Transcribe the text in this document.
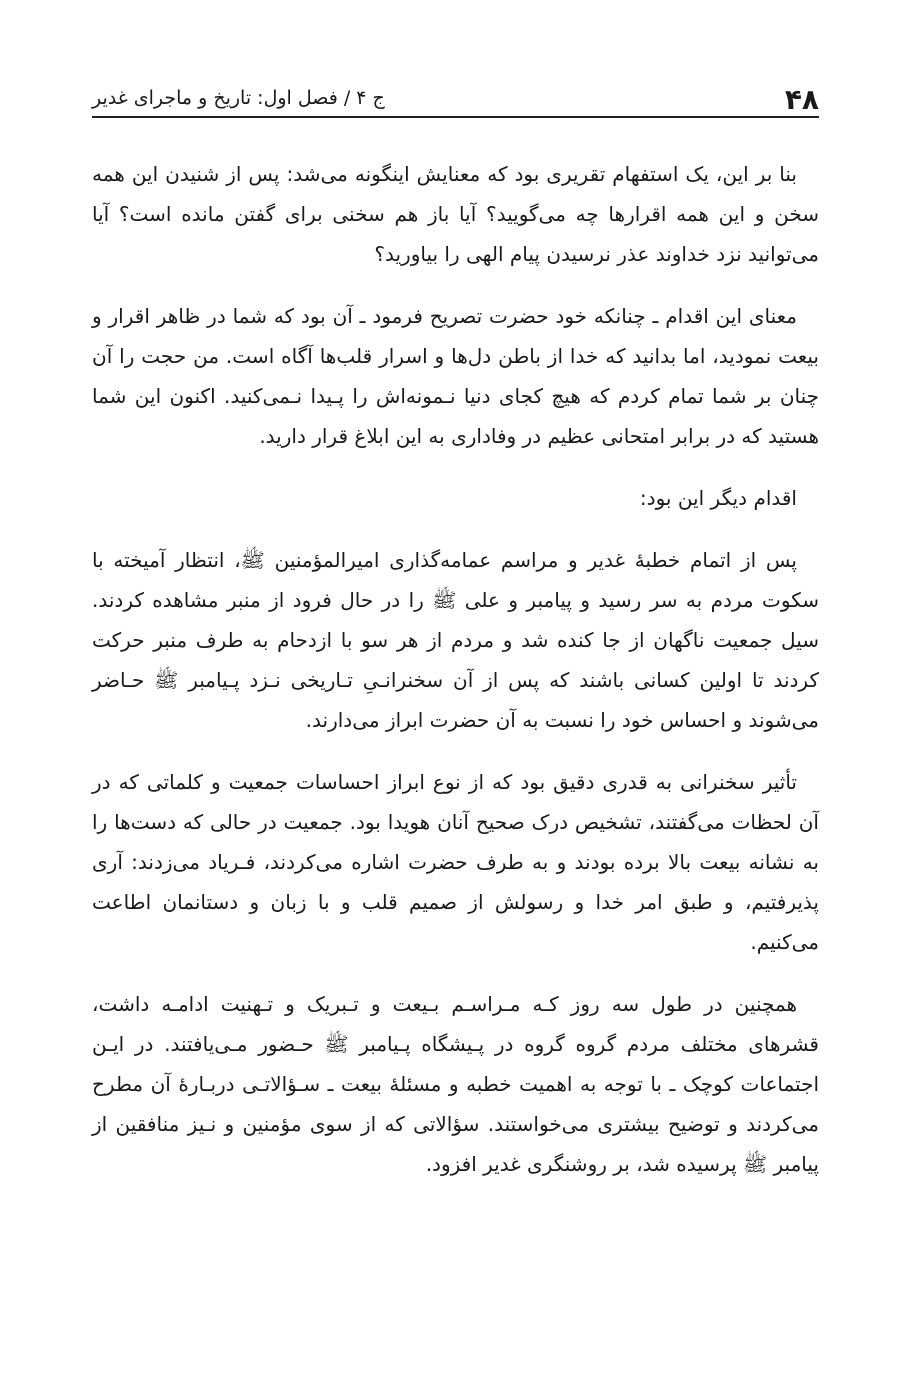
۴۸
ج ۴ / فصل اول: تاریخ و ماجرای غدیر

بنا بر این، یک استفهام تقریری بود که معنایش اینگونه می‌شد: پس از شنیدن این همه سخن و این همه اقرارها چه می‌گویید؟ آیا باز هم سخنی برای گفتن مانده است؟ آیا می‌توانید نزد خداوند عذر نرسیدن پیام الهی را بیاورید؟

معنای این اقدام ـ چنانکه خود حضرت تصریح فرمود ـ آن بود که شما در ظاهر اقرار و بیعت نمودید، اما بدانید که خدا از باطن دل‌ها و اسرار قلب‌ها آگاه است. من حجت را آن چنان بر شما تمام کردم که هیچ کجای دنیا نـمونه‌اش را پـیدا نـمی‌کنید. اکنون این شما هستید که در برابر امتحانی عظیم در وفاداری به این ابلاغ قرار دارید.

اقدام دیگر این بود:

پس از اتمام خطبهٔ غدیر و مراسم عمامه‌گذاری امیرالمؤمنین ﷺ، انتظار آمیخته با سکوت مردم به سر رسید و پیامبر و علی ﷺ را در حال فرود از منبر مشاهده کردند. سیل جمعیت ناگهان از جا کنده شد و مردم از هر سو با ازدحام به طرف منبر حرکت کردند تا اولین کسانی باشند که پس از آن سخنرانـیِ تـاریخی نـزد پـیامبر ﷺ حـاضر می‌شوند و احساس خود را نسبت به آن حضرت ابراز می‌دارند.

تأثیر سخنرانی به قدری دقیق بود که از نوع ابراز احساسات جمعیت و کلماتی که در آن لحظات می‌گفتند، تشخیص درک صحیح آنان هویدا بود. جمعیت در حالی که دست‌ها را به نشانه بیعت بالا برده بودند و به طرف حضرت اشاره می‌کردند، فـریاد می‌زدند: آری پذیرفتیم، و طبق امر خدا و رسولش از صمیم قلب و با زبان و دستانمان اطاعت می‌کنیم.

همچنین در طول سه روز کـه مـراسـم بـیعت و تـبریک و تـهنیت ادامـه داشت، قشرهای مختلف مردم گروه گروه در پـیشگاه پـیامبر ﷺ حـضور مـی‌یافتند. در ایـن اجتماعات کوچک ـ با توجه به اهمیت خطبه و مسئلهٔ بیعت ـ سـؤالاتـی دربـارهٔ آن مطرح می‌کردند و توضیح بیشتری می‌خواستند. سؤالاتی که از سوی مؤمنین و نـیز منافقین از پیامبر ﷺ پرسیده شد، بر روشنگری غدیر افزود.
